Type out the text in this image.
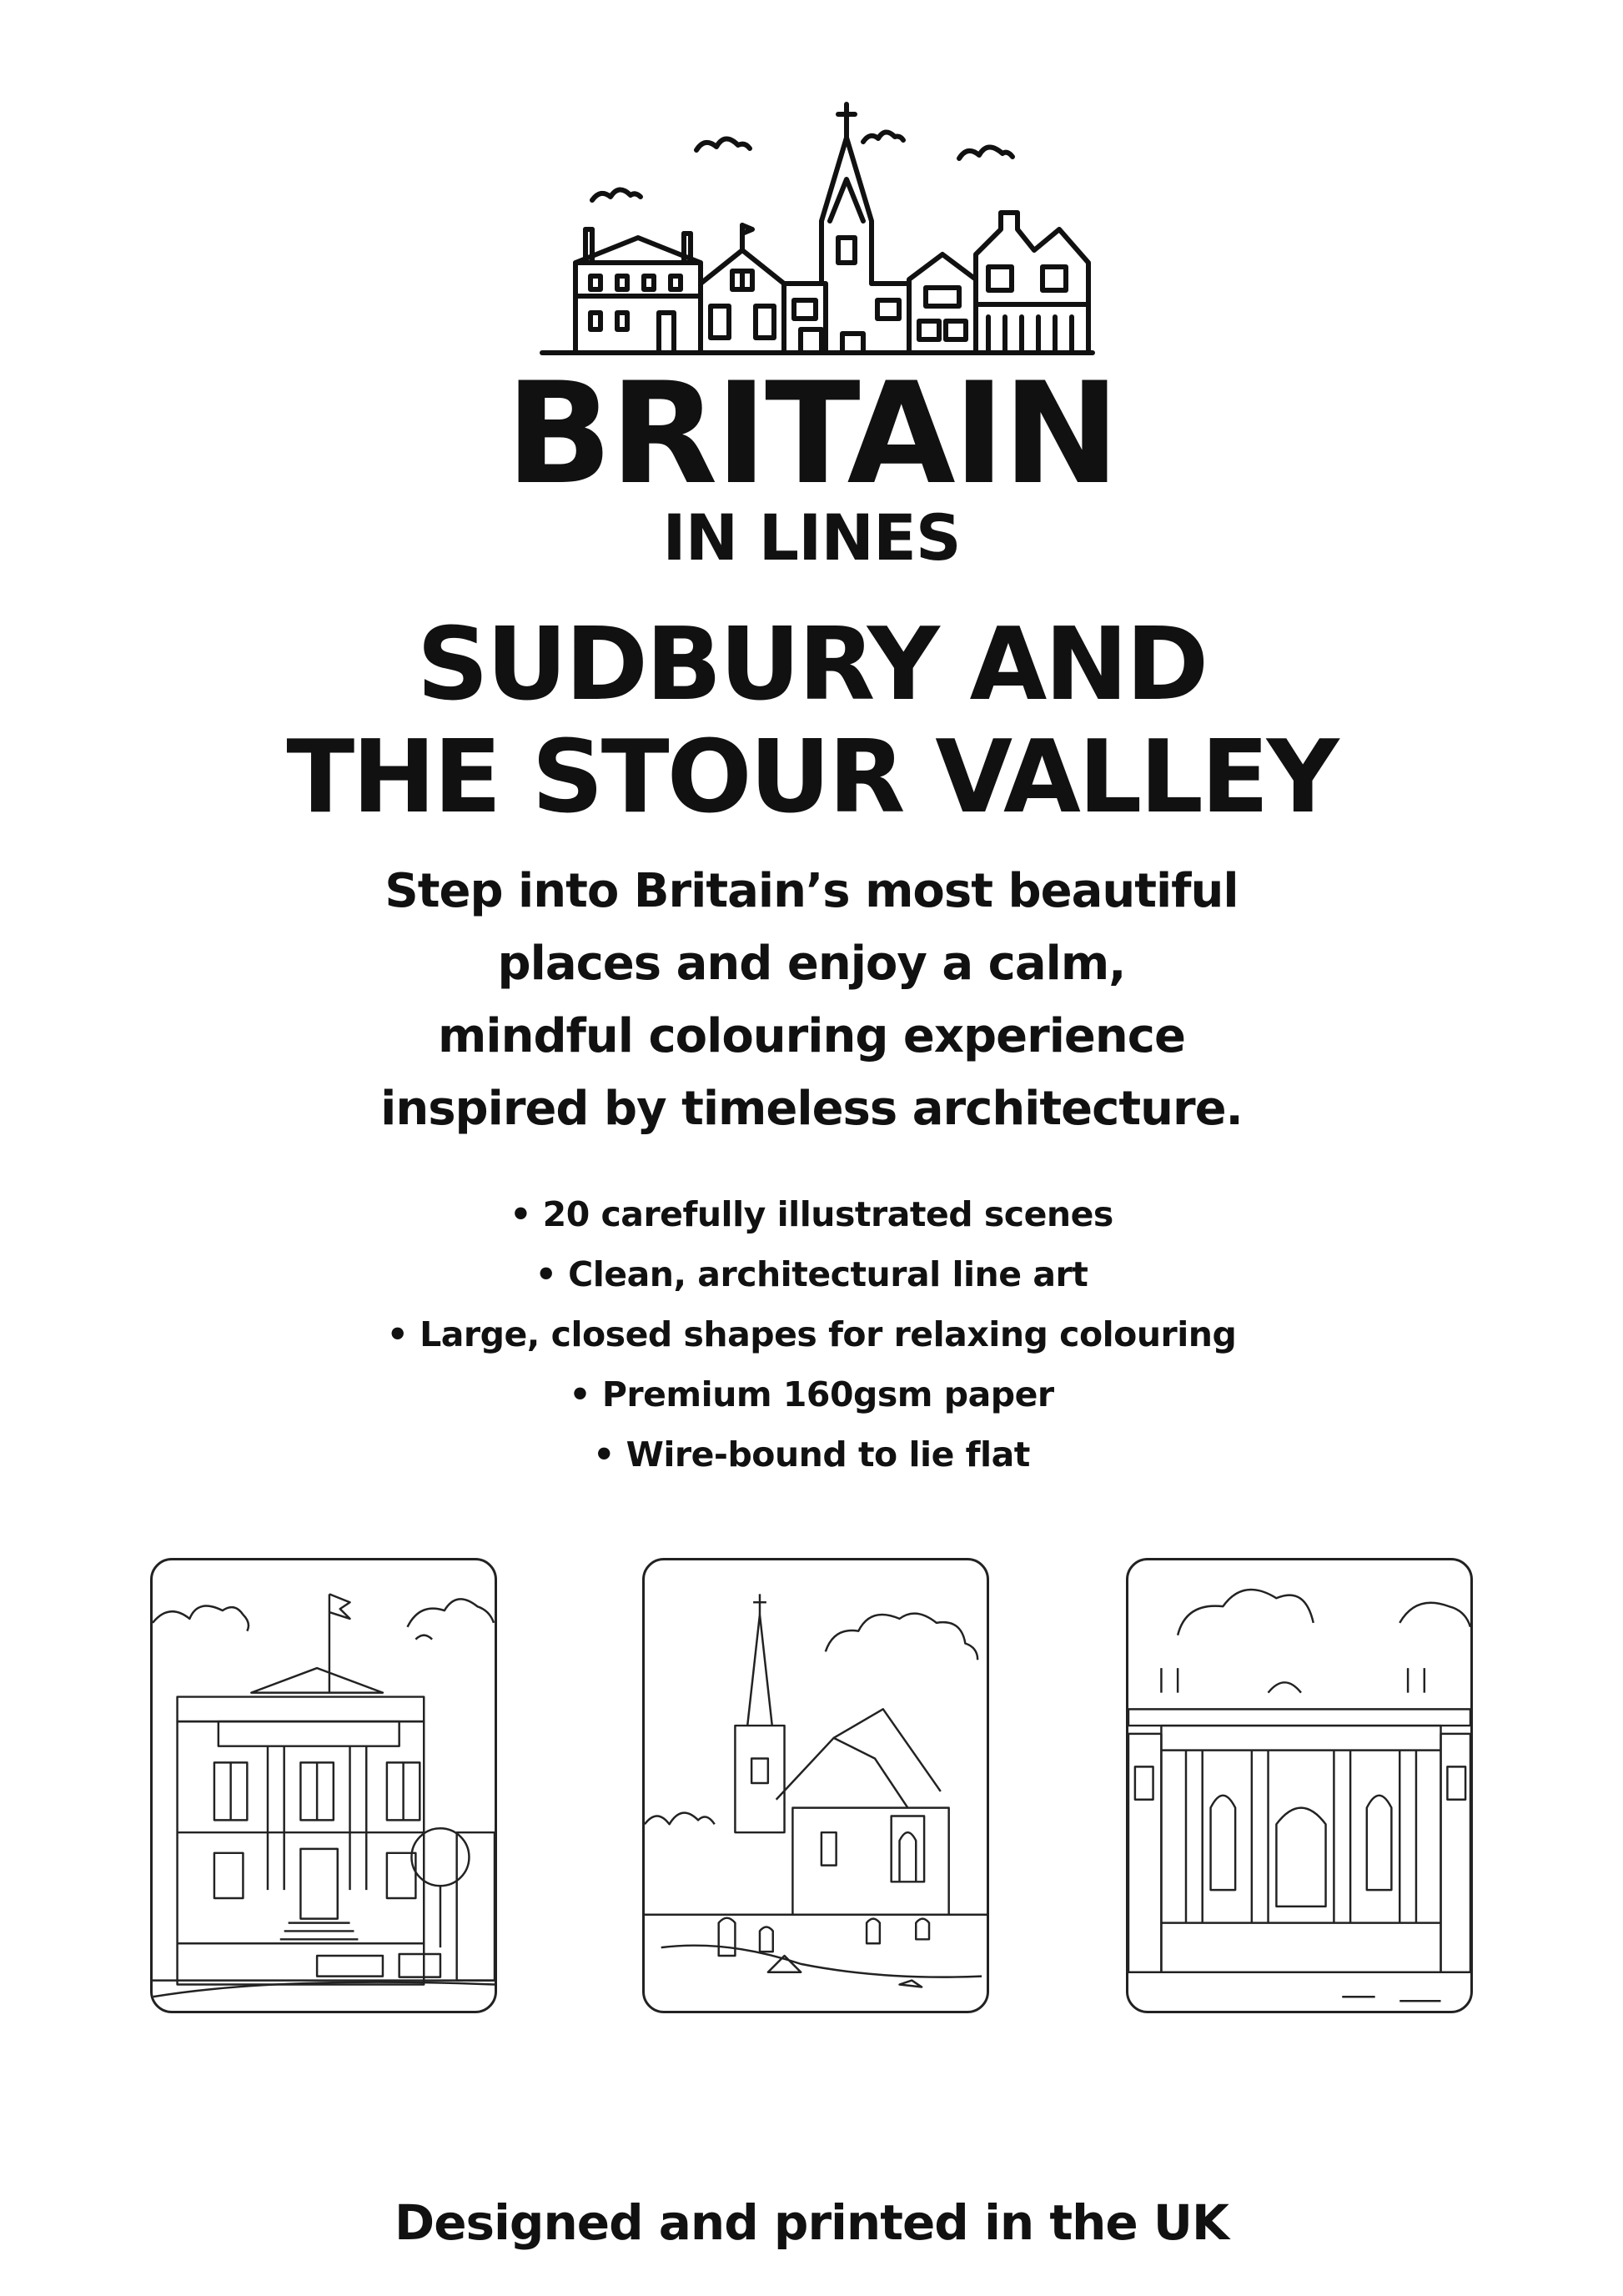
BRITAIN
IN LINES
SUDBURY AND
THE STOUR VALLEY
Step into Britain’s most beautiful
places and enjoy a calm,
mindful colouring experience
inspired by timeless architecture.
• 20 carefully illustrated scenes
• Clean, architectural line art
• Large, closed shapes for relaxing colouring
• Premium 160gsm paper
• Wire-bound to lie flat
Designed and printed in the UK
